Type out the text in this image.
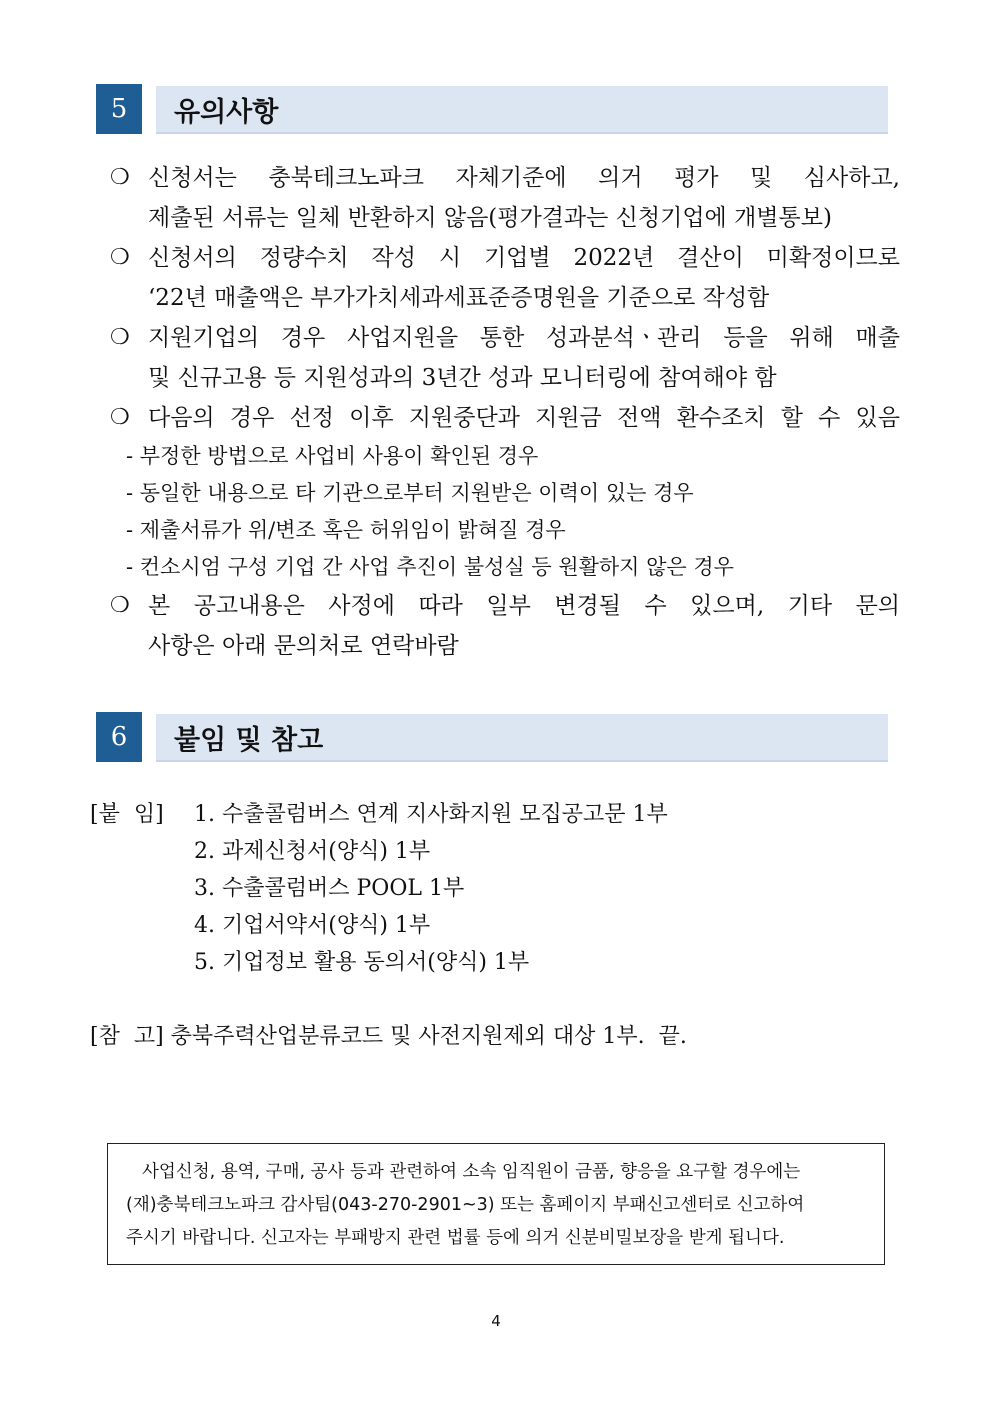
5	유의사항
❍ 신청서는 충북테크노파크 자체기준에 의거 평가 및 심사하고,
제출된 서류는 일체 반환하지 않음(평가결과는 신청기업에 개별통보)
❍ 신청서의 정량수치 작성 시 기업별 2022년 결산이 미확정이므로
‘22년 매출액은 부가가치세과세표준증명원을 기준으로 작성함
❍ 지원기업의 경우 사업지원을 통한 성과분석ㆍ관리 등을 위해 매출
및 신규고용 등 지원성과의 3년간 성과 모니터링에 참여해야 함
❍ 다음의 경우 선정 이후 지원중단과 지원금 전액 환수조치 할 수 있음
- 부정한 방법으로 사업비 사용이 확인된 경우
- 동일한 내용으로 타 기관으로부터 지원받은 이력이 있는 경우
- 제출서류가 위/변조 혹은 허위임이 밝혀질 경우
- 컨소시엄 구성 기업 간 사업 추진이 불성실 등 원활하지 않은 경우
❍ 본 공고내용은 사정에 따라 일부 변경될 수 있으며, 기타 문의
사항은 아래 문의처로 연락바람
6	붙임 및 참고
[붙  임] 1. 수출콜럼버스 연계 지사화지원 모집공고문 1부
2. 과제신청서(양식) 1부
3. 수출콜럼버스 POOL 1부
4. 기업서약서(양식) 1부
5. 기업정보 활용 동의서(양식) 1부
[참  고] 충북주력산업분류코드 및 사전지원제외 대상 1부.  끝.
사업신청, 용역, 구매, 공사 등과 관련하여 소속 임직원이 금품, 향응을 요구할 경우에는
(재)충북테크노파크 감사팀(043-270-2901~3) 또는 홈페이지 부패신고센터로 신고하여
주시기 바랍니다. 신고자는 부패방지 관련 법률 등에 의거 신분비밀보장을 받게 됩니다.
4
